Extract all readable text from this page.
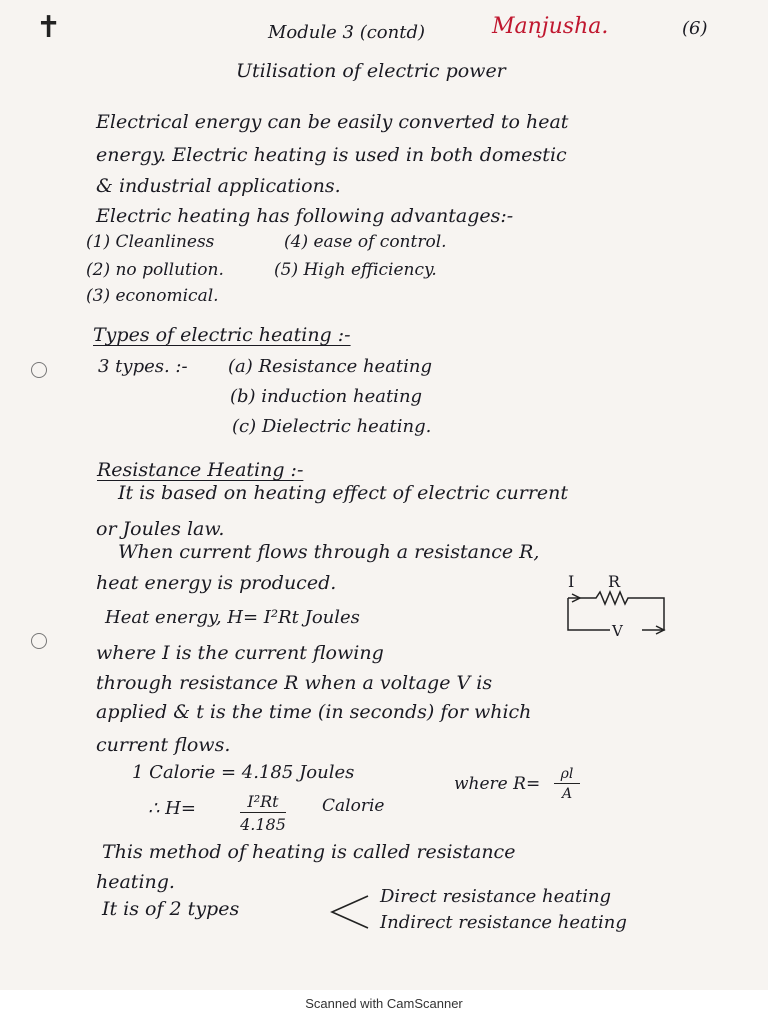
✝	Module 3 (contd)	Manjusha.	(6)
Utilisation of electric power
Electrical energy can be easily converted to heat
energy. Electric heating is used in both domestic
& industrial applications.
Electric heating has following advantages:-
(1) Cleanliness	(4) ease of control.
(2) no pollution.	(5) High efficiency.
(3) economical.
Types of electric heating :-
3 types. :- (a) Resistance heating
(b) induction heating
(c) Dielectric heating.
Resistance Heating :-
It is based on heating effect of electric current
or Joules law.
When current flows through a resistance R,
heat energy is produced.
Heat energy, H= I²Rt Joules
I R
V
where I is the current flowing
through resistance R when a voltage V is
applied & t is the time (in seconds) for which
current flows.
1 Calorie = 4.185 Joules
∴ H=	$\frac{\text{I²Rt}}{4.185}$ Calorie
where $R= \frac{\rho l}{A}$
This method of heating is called resistance
heating.
It is of 2 types
Direct resistance heating
Indirect resistance heating
Scanned with CamScanner
